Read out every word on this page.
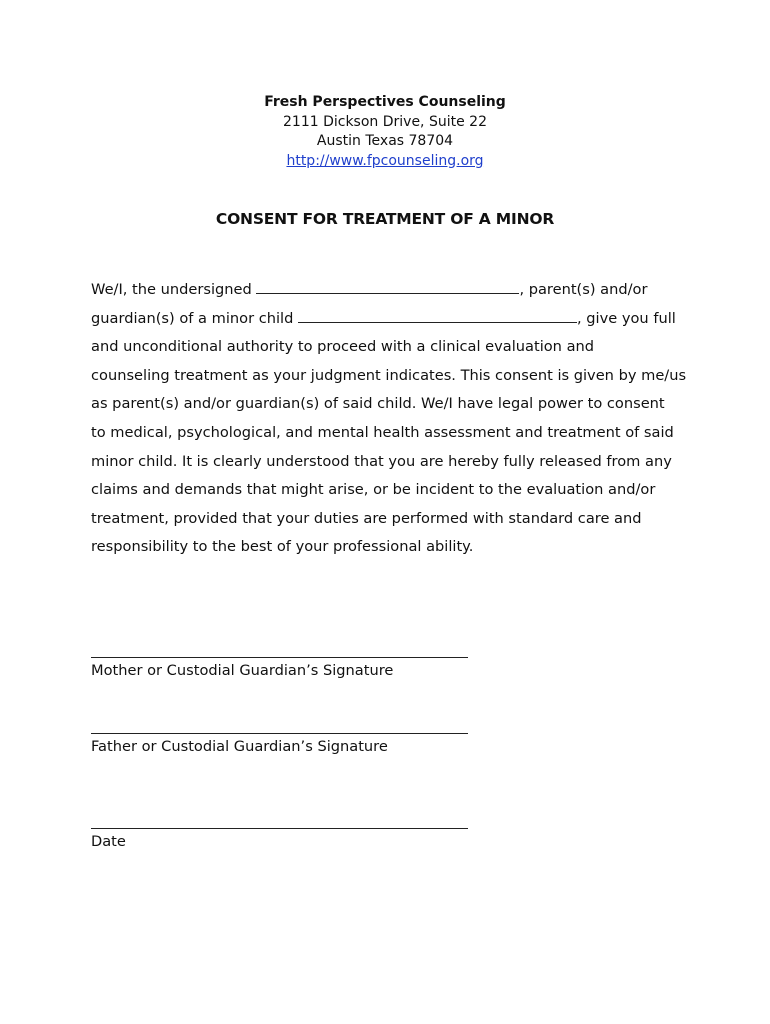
Fresh Perspectives Counseling
2111 Dickson Drive, Suite 22
Austin Texas 78704
http://www.fpcounseling.org
CONSENT FOR TREATMENT OF A MINOR
We/I, the undersigned	, parent(s) and/or
guardian(s) of a minor child	, give you full
and unconditional authority to proceed with a clinical evaluation and
counseling treatment as your judgment indicates. This consent is given by me/us
as parent(s) and/or guardian(s) of said child. We/I have legal power to consent
to medical, psychological, and mental health assessment and treatment of said
minor child. It is clearly understood that you are hereby fully released from any
claims and demands that might arise, or be incident to the evaluation and/or
treatment, provided that your duties are performed with standard care and
responsibility to the best of your professional ability.
Mother or Custodial Guardian’s Signature
Father or Custodial Guardian’s Signature
Date
